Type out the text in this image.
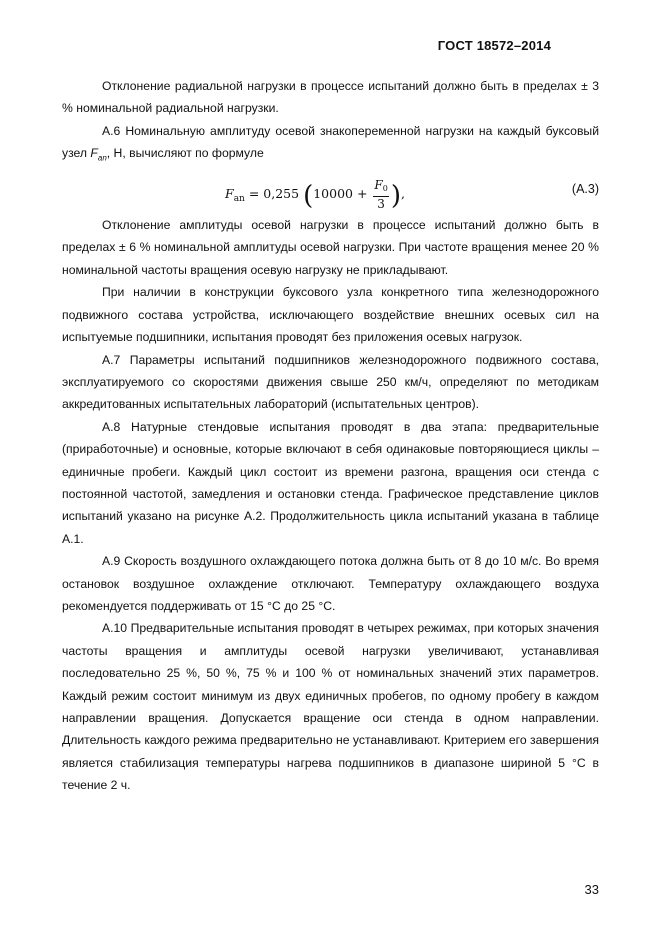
ГОСТ 18572–2014

Отклонение радиальной нагрузки в процессе испытаний должно быть в пределах ± 3 % номинальной радиальной нагрузки.

А.6 Номинальную амплитуду осевой знакопеременной нагрузки на каждый буксовый узел $F_{an}$, Н, вычисляют по формуле

$F_{an} = 0,255$ ($10000 + \frac{F_0}{3}$ ),	(А.3)

Отклонение амплитуды осевой нагрузки в процессе испытаний должно быть в пределах ± 6 % номинальной амплитуды осевой нагрузки. При частоте вращения менее 20 % номинальной частоты вращения осевую нагрузку не прикладывают.

При наличии в конструкции буксового узла конкретного типа железнодорожного подвижного состава устройства, исключающего воздействие внешних осевых сил на испытуемые подшипники, испытания проводят без приложения осевых нагрузок.

А.7 Параметры испытаний подшипников железнодорожного подвижного состава, эксплуатируемого со скоростями движения свыше 250 км/ч, определяют по методикам аккредитованных испытательных лабораторий (испытательных центров).

А.8 Натурные стендовые испытания проводят в два этапа: предварительные (приработочные) и основные, которые включают в себя одинаковые повторяющиеся циклы – единичные пробеги. Каждый цикл состоит из времени разгона, вращения оси стенда с постоянной частотой, замедления и остановки стенда. Графическое представление циклов испытаний указано на рисунке А.2. Продолжительность цикла испытаний указана в таблице А.1.

А.9 Скорость воздушного охлаждающего потока должна быть от 8 до 10 м/с. Во время остановок воздушное охлаждение отключают. Температуру охлаждающего воздуха рекомендуется поддерживать от 15 °С до 25 °С.

А.10 Предварительные испытания проводят в четырех режимах, при которых значения частоты вращения и амплитуды осевой нагрузки увеличивают, устанавливая последовательно 25 %, 50 %, 75 % и 100 % от номинальных значений этих параметров. Каждый режим состоит минимум из двух единичных пробегов, по одному пробегу в каждом направлении вращения. Допускается вращение оси стенда в одном направлении. Длительность каждого режима предварительно не устанавливают. Критерием его завершения является стабилизация температуры нагрева подшипников в диапазоне шириной 5 °С в течение 2 ч.

33
